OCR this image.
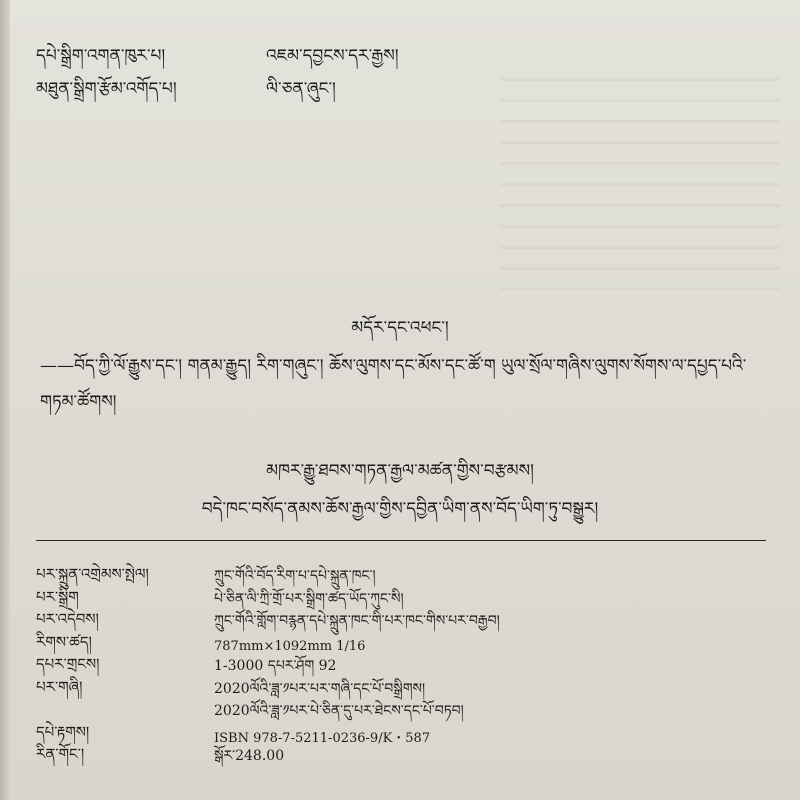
དཔེ་སྒྲིག་འགན་ཁུར་པ།	འཇམ་དབྱངས་དར་རྒྱས།
མཐུན་སྒྲིག་རྩོམ་འགོད་པ།	ལི་ཅན་ཞུང་།
མདོར་དང་འཕང་།
——བོད་ཀྱི་ལོ་རྒྱུས་དང་། གནམ་རྒྱུད། རིག་གཞུང་། ཆོས་ལུགས་དང་མོས་དང་ཚོ་ག ཡུལ་སྲོལ་གཞིས་ལུགས་སོགས་ལ་དཔྱད་པའི་གཏམ་ཚོགས།
མཁར་རྒྱུ་ཐབས་གཏན་རྒྱལ་མཚན་གྱིས་བརྩམས།
བདེ་ཁང་བསོད་ནམས་ཆོས་རྒྱལ་གྱིས་དབྱིན་ཡིག་ནས་བོད་ཡིག་ཏུ་བསྒྱུར།
པར་སྐྲུན་འགྲེམས་སྤེལ།	ཀྲུང་གོའི་བོད་རིག་པ་དཔེ་སྐྲུན་ཁང་།
པར་སྒྲིག	པེ་ཅིན་ལི་ཀྲི་གྲོ་པར་སྒྲིག་ཚད་ཡོད་ཀུང་སི།
པར་འདེབས།	ཀྲུང་གོའི་གློག་བརྙན་དཔེ་སྐྲུན་ཁང་གི་པར་ཁང་གིས་པར་བརྒྱབ།
རིགས་ཚད།	787mm×1092mm 1/16
དཔར་གྲངས།	1-3000 དཔར་ཤོག 92
པར་གཞི།	2020ལོའི་ཟླ་༡པར་པར་གཞི་དང་པོ་བསྒྲིགས།
2020ལོའི་ཟླ་༡པར་པེ་ཅིན་དུ་པར་ཐེངས་དང་པོ་བཏབ།
དཔེ་རྟགས།	ISBN 978-7-5211-0236-9/K・587
རིན་གོང་།	སྒོར་248.00
